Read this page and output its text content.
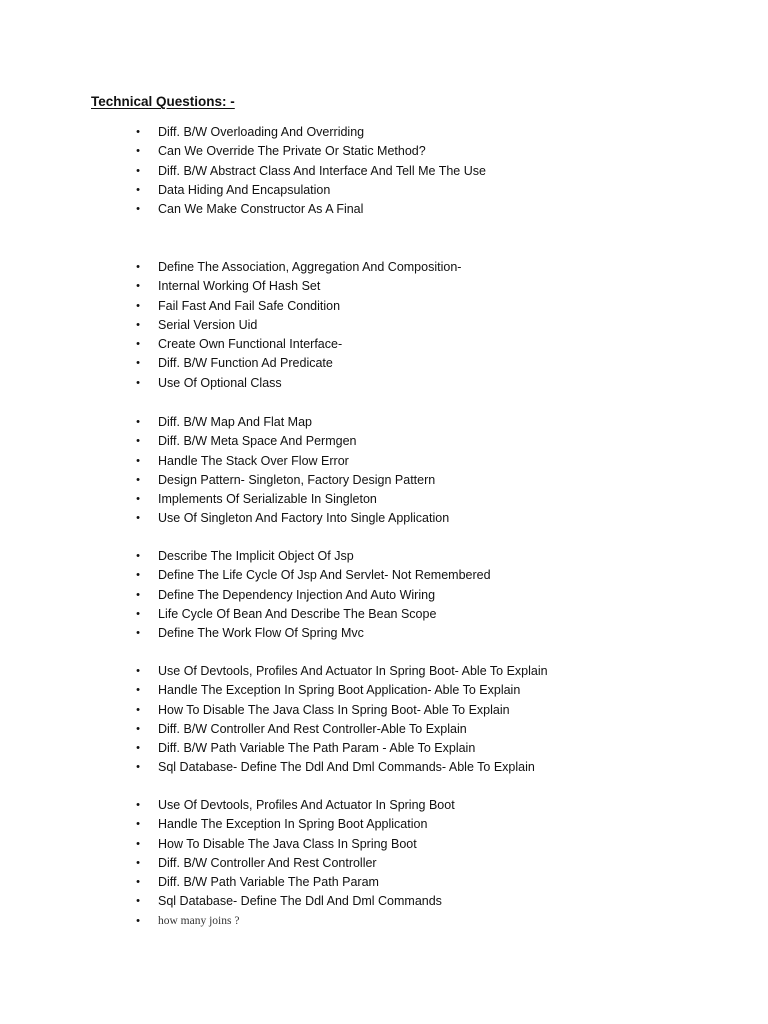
Technical Questions: -
• Diff. B/W Overloading And Overriding
• Can We Override The Private Or Static Method?
• Diff. B/W Abstract Class And Interface And Tell Me The Use
• Data Hiding And Encapsulation
• Can We Make Constructor As A Final
• Define The Association, Aggregation And Composition-
• Internal Working Of Hash Set
• Fail Fast And Fail Safe Condition
• Serial Version Uid
• Create Own Functional Interface-
• Diff. B/W Function Ad Predicate
• Use Of Optional Class
• Diff. B/W Map And Flat Map
• Diff. B/W Meta Space And Permgen
• Handle The Stack Over Flow Error
• Design Pattern- Singleton, Factory Design Pattern
• Implements Of Serializable In Singleton
• Use Of Singleton And Factory Into Single Application
• Describe The Implicit Object Of Jsp
• Define The Life Cycle Of Jsp And Servlet- Not Remembered
• Define The Dependency Injection And Auto Wiring
• Life Cycle Of Bean And Describe The Bean Scope
• Define The Work Flow Of Spring Mvc
• Use Of Devtools, Profiles And Actuator In Spring Boot- Able To Explain
• Handle The Exception In Spring Boot Application- Able To Explain
• How To Disable The Java Class In Spring Boot- Able To Explain
• Diff. B/W Controller And Rest Controller-Able To Explain
• Diff. B/W Path Variable The Path Param - Able To Explain
• Sql Database- Define The Ddl And Dml Commands- Able To Explain
• Use Of Devtools, Profiles And Actuator In Spring Boot
• Handle The Exception In Spring Boot Application
• How To Disable The Java Class In Spring Boot
• Diff. B/W Controller And Rest Controller
• Diff. B/W Path Variable The Path Param
• Sql Database- Define The Ddl And Dml Commands
• how many joins ?
